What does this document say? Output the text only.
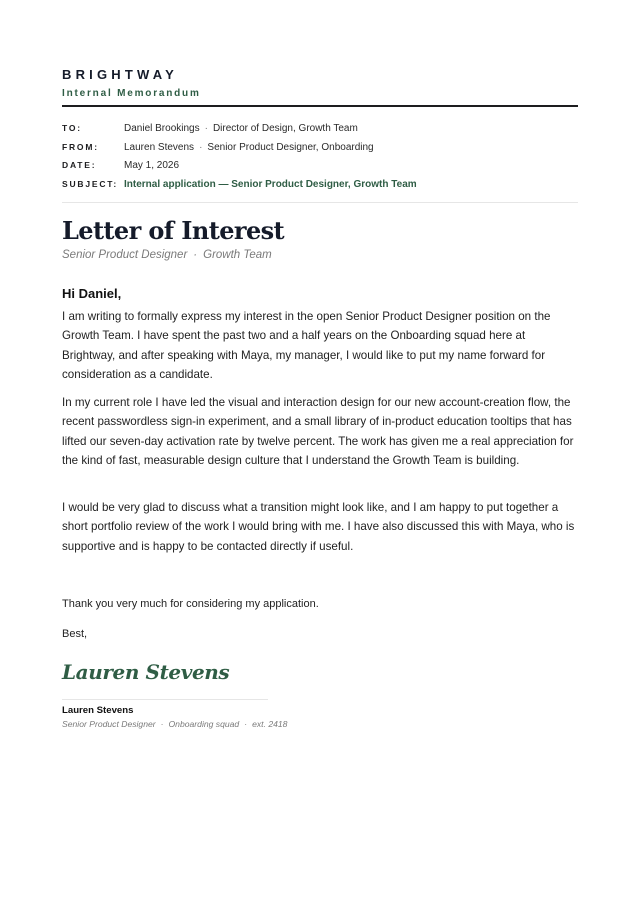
BRIGHTWAY
Internal Memorandum
TO:	Daniel Brookings · Director of Design, Growth Team
FROM:	Lauren Stevens · Senior Product Designer, Onboarding
DATE:	May 1, 2026
SUBJECT: Internal application — Senior Product Designer, Growth Team
Letter of Interest
Senior Product Designer · Growth Team
Hi Daniel,

I am writing to formally express my interest in the open Senior Product Designer position on the Growth Team. I have spent the past two and a half years on the Onboarding squad here at Brightway, and after speaking with Maya, my manager, I would like to put my name forward for consideration as a candidate.

In my current role I have led the visual and interaction design for our new account-creation flow, the recent passwordless sign-in experiment, and a small library of in-product education tooltips that has lifted our seven-day activation rate by twelve percent. The work has given me a real appreciation for the kind of fast, measurable design culture that I understand the Growth Team is building.

I would be very glad to discuss what a transition might look like, and I am happy to put together a short portfolio review of the work I would bring with me. I have also discussed this with Maya, who is supportive and is happy to be contacted directly if useful.

Thank you very much for considering my application.
Best,
Lauren Stevens
Lauren Stevens
Senior Product Designer · Onboarding squad · ext. 2418
